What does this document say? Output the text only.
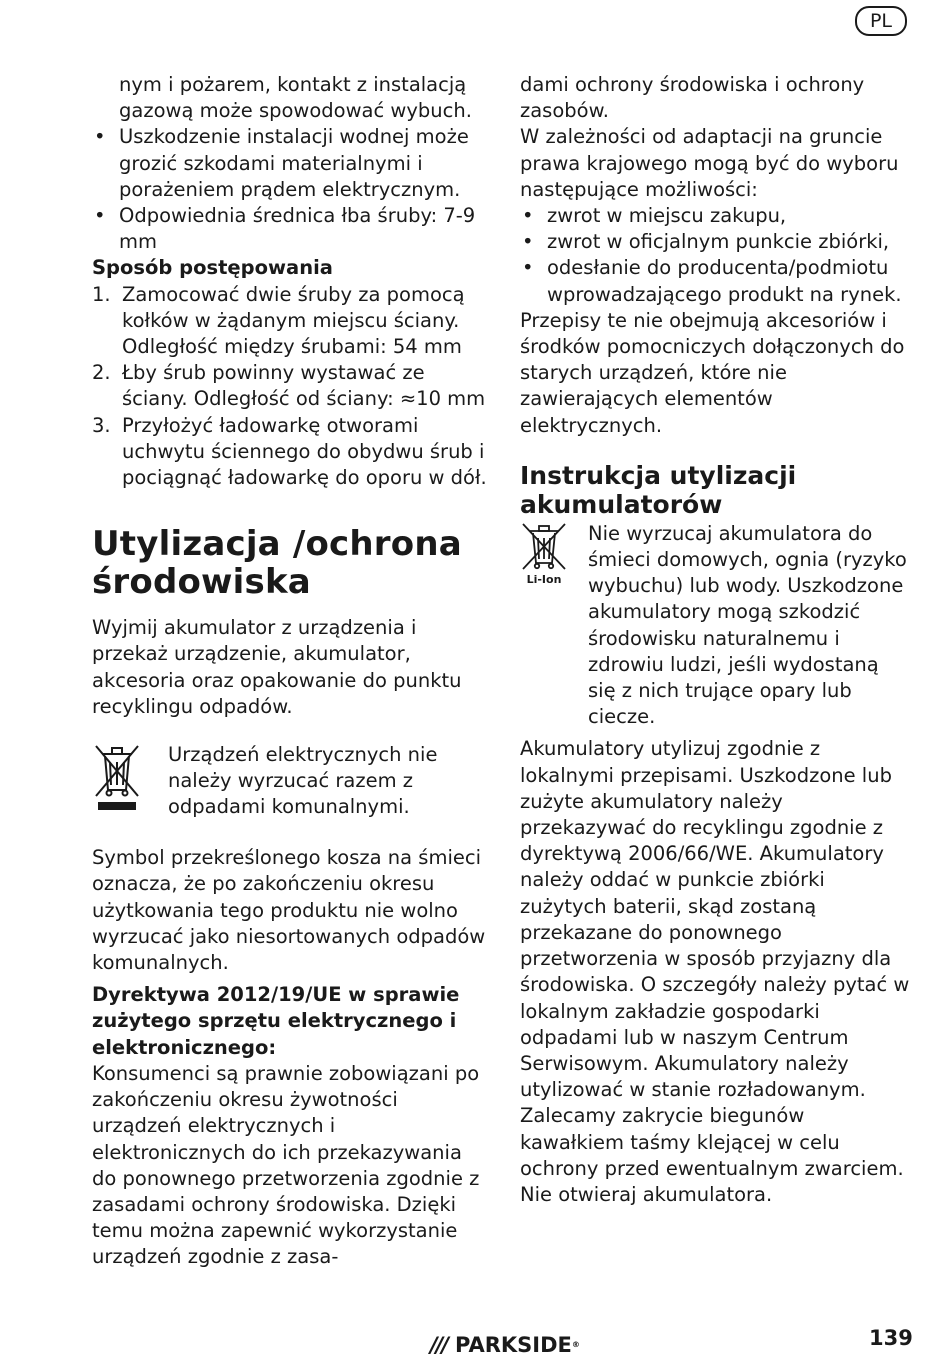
PL

nym i pożarem, kontakt z instalacją gazową może spowodować wybuch.

• Uszkodzenie instalacji wodnej może grozić szkodami materialnymi i porażeniem prądem elektrycznym.
• Odpowiednia średnica łba śruby: 7-9 mm

Sposób postępowania

1. Zamocować dwie śruby za pomocą kołków w żądanym miejscu ściany. Odległość między śrubami: 54 mm
2. Łby śrub powinny wystawać ze ściany. Odległość od ściany: ≈10 mm
3. Przyłożyć ładowarkę otworami uchwytu ściennego do obydwu śrub i pociągnąć ładowarkę do oporu w dół.
Utylizacja /ochrona środowiska

Wyjmij akumulator z urządzenia i przekaż urządzenie, akumulator, akcesoria oraz opakowanie do punktu recyklingu odpadów.

Urządzeń elektrycznych nie należy wyrzucać razem z odpadami komunalnymi.

Symbol przekreślonego kosza na śmieci oznacza, że po zakończeniu okresu użytkowania tego produktu nie wolno wyrzucać jako niesortowanych odpadów komunalnych.

Dyrektywa 2012/19/UE w sprawie zużytego sprzętu elektrycznego i elektronicznego:

Konsumenci są prawnie zobowiązani po zakończeniu okresu żywotności urządzeń elektrycznych i elektronicznych do ich przekazywania do ponownego przetworzenia zgodnie z zasadami ochrony środowiska. Dzięki temu można zapewnić wykorzystanie urządzeń zgodnie z zasa-

dami ochrony środowiska i ochrony zasobów.

W zależności od adaptacji na gruncie prawa krajowego mogą być do wyboru następujące możliwości:

• zwrot w miejscu zakupu,
• zwrot w oficjalnym punkcie zbiórki,
• odesłanie do producenta/podmiotu wprowadzającego produkt na rynek.

Przepisy te nie obejmują akcesoriów i środków pomocniczych dołączonych do starych urządzeń, które nie zawierających elementów elektrycznych.

Instrukcja utylizacji akumulatorów
Li-Ion

Nie wyrzucaj akumulatora do śmieci domowych, ognia (ryzyko wybuchu) lub wody. Uszkodzone akumulatory mogą szkodzić środowisku naturalnemu i zdrowiu ludzi, jeśli wydostaną się z nich trujące opary lub ciecze.

Akumulatory utylizuj zgodnie z lokalnymi przepisami. Uszkodzone lub zużyte akumulatory należy przekazywać do recyklingu zgodnie z dyrektywą 2006/66/WE. Akumulatory należy oddać w punkcie zbiórki zużytych baterii, skąd zostaną przekazane do ponownego przetworzenia w sposób przyjazny dla środowiska. O szczegóły należy pytać w lokalnym zakładzie gospodarki odpadami lub w naszym Centrum Serwisowym. Akumulatory należy utylizować w stanie rozładowanym. Zalecamy zakrycie biegunów kawałkiem taśmy klejącej w celu ochrony przed ewentualnym zwarciem. Nie otwieraj akumulatora.

/// PARKSIDE ®	139
